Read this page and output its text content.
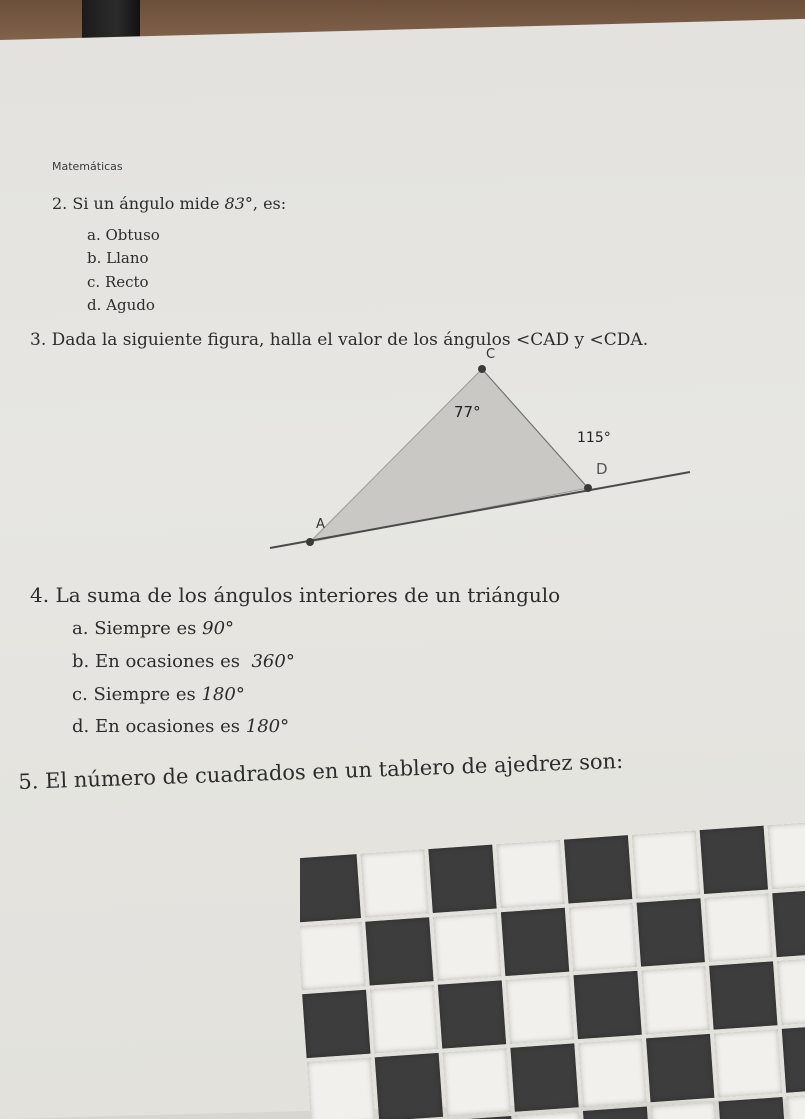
Matemáticas
2. Si un ángulo mide 83°, es:
a. Obtuso
b. Llano
c. Recto
d. Agudo
3. Dada la siguiente figura, halla el valor de los ángulos <CAD y <CDA.
C
77°
115°
D
A
4. La suma de los ángulos interiores de un triángulo
a. Siempre es 90°
b. En ocasiones es 360°
c. Siempre es 180°
d. En ocasiones es 180°
5. El número de cuadrados en un tablero de ajedrez son:
